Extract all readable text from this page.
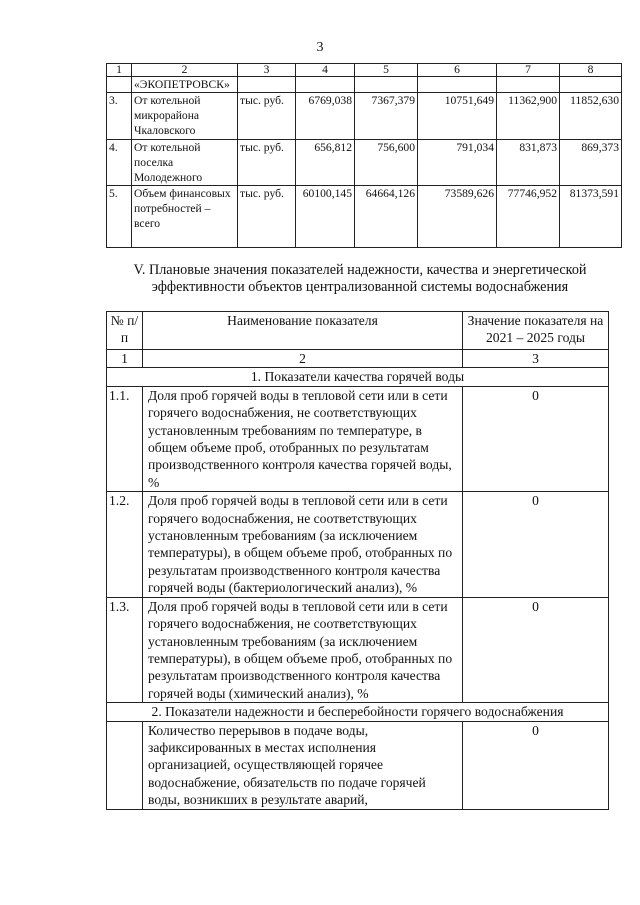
3
1	2	3	4	5	6	7	8
	«ЭКОПЕТРОВСК»						
3.	От котельной микрорайона Чкаловского	тыс. руб.	6769,038	7367,379	10751,649	11362,900	11852,630
4.	От котельной поселка Молодежного	тыс. руб.	656,812	756,600	791,034	831,873	869,373
5.	Объем финансовых потребностей – всего	тыс. руб.	60100,145	64664,126	73589,626	77746,952	81373,591
V. Плановые значения показателей надежности, качества и энергетической эффективности объектов централизованной системы водоснабжения
№ п/п	Наименование показателя	Значение показателя на 2021 – 2025 годы
1	2	3
1. Показатели качества горячей воды		
1.1.	Доля проб горячей воды в тепловой сети или в сети горячего водоснабжения, не соответствующих установленным требованиям по температуре, в общем объеме проб, отобранных по результатам производственного контроля качества горячей воды, %	0
1.2.	Доля проб горячей воды в тепловой сети или в сети горячего водоснабжения, не соответствующих установленным требованиям (за исключением температуры), в общем объеме проб, отобранных по результатам производственного контроля качества горячей воды (бактериологический анализ), %	0
1.3.	Доля проб горячей воды в тепловой сети или в сети горячего водоснабжения, не соответствующих установленным требованиям (за исключением температуры), в общем объеме проб, отобранных по результатам производственного контроля качества горячей воды (химический анализ), %	0
2. Показатели надежности и бесперебойности горячего водоснабжения		
	Количество перерывов в подаче воды, зафиксированных в местах исполнения организацией, осуществляющей горячее водоснабжение, обязательств по подаче горячей воды, возникших в результате аварий,	0
